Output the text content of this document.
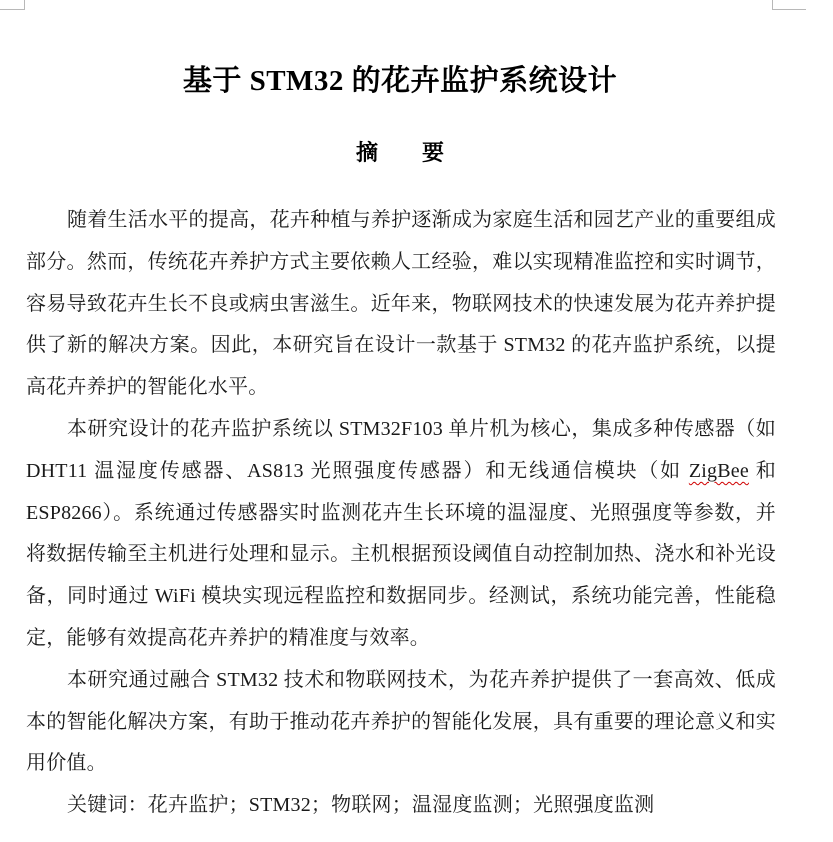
基于 STM32 的花卉监护系统设计
摘 要

随着生活水平的提高，花卉种植与养护逐渐成为家庭生活和园艺产业的重要组成部分。然而，传统花卉养护方式主要依赖人工经验，难以实现精准监控和实时调节，容易导致花卉生长不良或病虫害滋生。近年来，物联网技术的快速发展为花卉养护提供了新的解决方案。因此，本研究旨在设计一款基于 STM32 的花卉监护系统，以提高花卉养护的智能化水平。

本研究设计的花卉监护系统以 STM32F103 单片机为核心，集成多种传感器（如 DHT11 温湿度传感器、AS813 光照强度传感器）和无线通信模块（如 ZigBee 和 ESP8266）。系统通过传感器实时监测花卉生长环境的温湿度、光照强度等参数，并将数据传输至主机进行处理和显示。主机根据预设阈值自动控制加热、浇水和补光设备，同时通过 WiFi 模块实现远程监控和数据同步。经测试，系统功能完善，性能稳定，能够有效提高花卉养护的精准度与效率。

本研究通过融合 STM32 技术和物联网技术，为花卉养护提供了一套高效、低成本的智能化解决方案，有助于推动花卉养护的智能化发展，具有重要的理论意义和实用价值。

关键词：花卉监护；STM32；物联网；温湿度监测；光照强度监测
